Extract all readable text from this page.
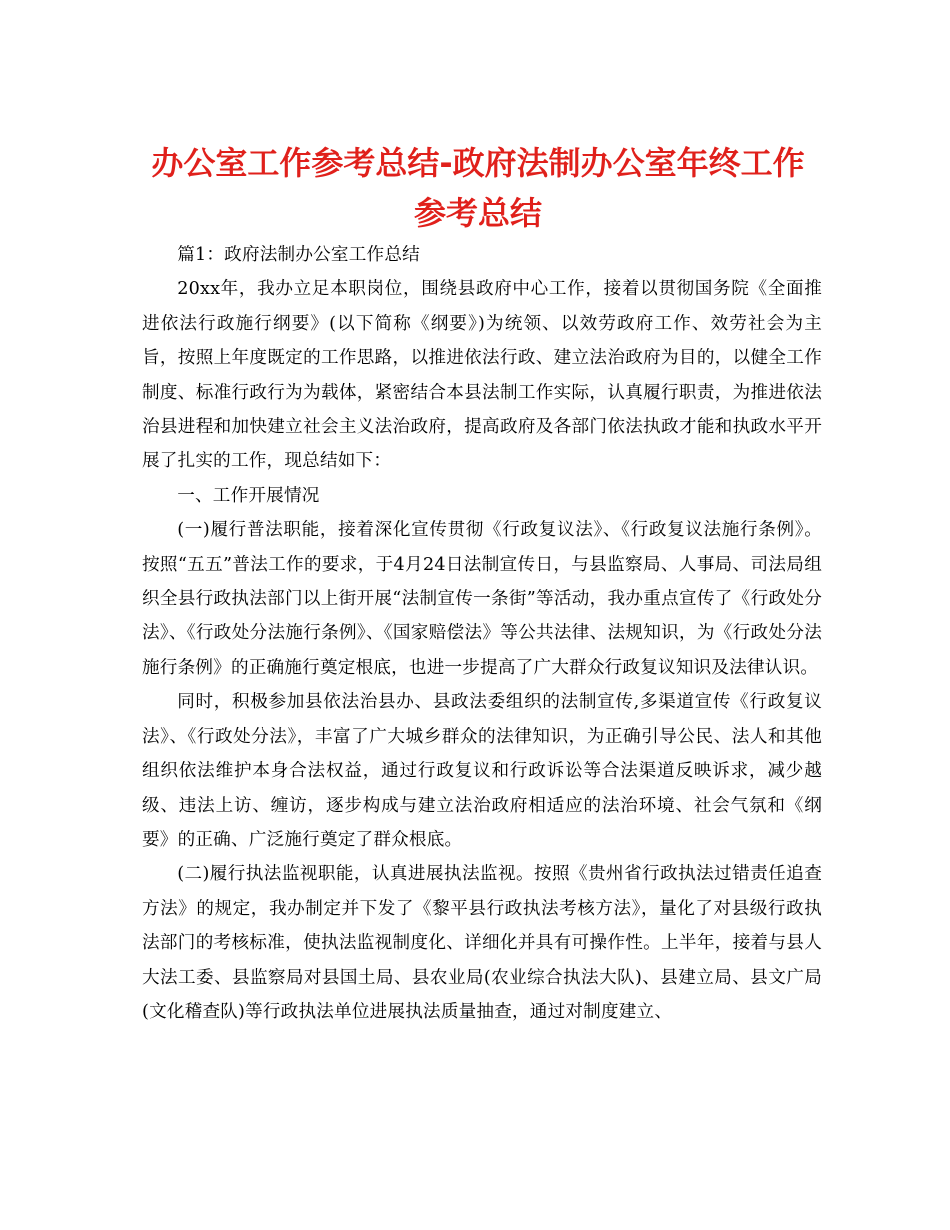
办公室工作参考总结-政府法制办公室年终工作参考总结

篇1：政府法制办公室工作总结

20xx年，我办立足本职岗位，围绕县政府中心工作，接着以贯彻国务院《全面推进依法行政施行纲要》(以下简称《纲要》)为统领、以效劳政府工作、效劳社会为主旨，按照上年度既定的工作思路，以推进依法行政、建立法治政府为目的，以健全工作制度、标准行政行为为载体，紧密结合本县法制工作实际，认真履行职责，为推进依法治县进程和加快建立社会主义法治政府，提高政府及各部门依法执政才能和执政水平开展了扎实的工作，现总结如下：

一、工作开展情况

(一)履行普法职能，接着深化宣传贯彻《行政复议法》、《行政复议法施行条例》。按照“五五”普法工作的要求，于4月24日法制宣传日，与县监察局、人事局、司法局组织全县行政执法部门以上街开展“法制宣传一条街”等活动，我办重点宣传了《行政处分法》、《行政处分法施行条例》、《国家赔偿法》等公共法律、法规知识，为《行政处分法施行条例》的正确施行奠定根底，也进一步提高了广大群众行政复议知识及法律认识。

同时，积极参加县依法治县办、县政法委组织的法制宣传,多渠道宣传《行政复议法》、《行政处分法》，丰富了广大城乡群众的法律知识，为正确引导公民、法人和其他组织依法维护本身合法权益，通过行政复议和行政诉讼等合法渠道反映诉求，减少越级、违法上访、缠访，逐步构成与建立法治政府相适应的法治环境、社会气氛和《纲要》的正确、广泛施行奠定了群众根底。

(二)履行执法监视职能，认真进展执法监视。按照《贵州省行政执法过错责任追查方法》的规定，我办制定并下发了《黎平县行政执法考核方法》，量化了对县级行政执法部门的考核标准，使执法监视制度化、详细化并具有可操作性。上半年，接着与县人大法工委、县监察局对县国土局、县农业局(农业综合执法大队)、县建立局、县文广局(文化稽查队)等行政执法单位进展执法质量抽查，通过对制度建立、
